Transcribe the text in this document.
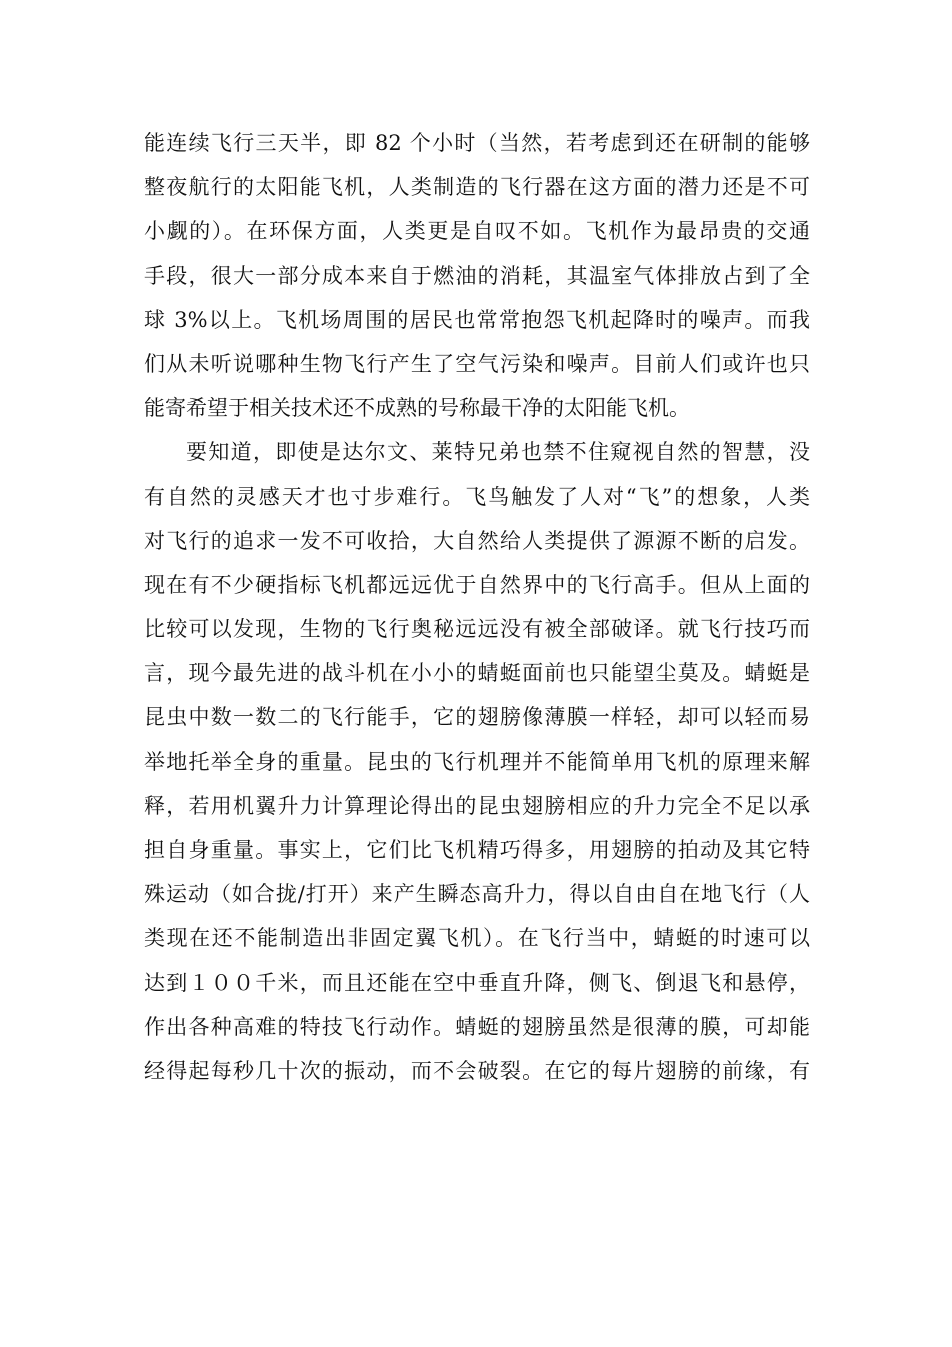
能连续飞行三天半，即 82 个小时（当然，若考虑到还在研制的能够
整夜航行的太阳能飞机，人类制造的飞行器在这方面的潜力还是不可
小觑的）。在环保方面，人类更是自叹不如。飞机作为最昂贵的交通
手段，很大一部分成本来自于燃油的消耗，其温室气体排放占到了全
球 3%以上。飞机场周围的居民也常常抱怨飞机起降时的噪声。而我
们从未听说哪种生物飞行产生了空气污染和噪声。目前人们或许也只
能寄希望于相关技术还不成熟的号称最干净的太阳能飞机。
要知道，即使是达尔文、莱特兄弟也禁不住窥视自然的智慧，没
有自然的灵感天才也寸步难行。飞鸟触发了人对“飞”的想象，人类
对飞行的追求一发不可收拾，大自然给人类提供了源源不断的启发。
现在有不少硬指标飞机都远远优于自然界中的飞行高手。但从上面的
比较可以发现，生物的飞行奥秘远远没有被全部破译。就飞行技巧而
言，现今最先进的战斗机在小小的蜻蜓面前也只能望尘莫及。蜻蜓是
昆虫中数一数二的飞行能手，它的翅膀像薄膜一样轻，却可以轻而易
举地托举全身的重量。昆虫的飞行机理并不能简单用飞机的原理来解
释，若用机翼升力计算理论得出的昆虫翅膀相应的升力完全不足以承
担自身重量。事实上，它们比飞机精巧得多，用翅膀的拍动及其它特
殊运动（如合拢/打开）来产生瞬态高升力，得以自由自在地飞行（人
类现在还不能制造出非固定翼飞机）。在飞行当中，蜻蜓的时速可以
达到１００千米，而且还能在空中垂直升降，侧飞、倒退飞和悬停，
作出各种高难的特技飞行动作。蜻蜓的翅膀虽然是很薄的膜，可却能
经得起每秒几十次的振动，而不会破裂。在它的每片翅膀的前缘，有
